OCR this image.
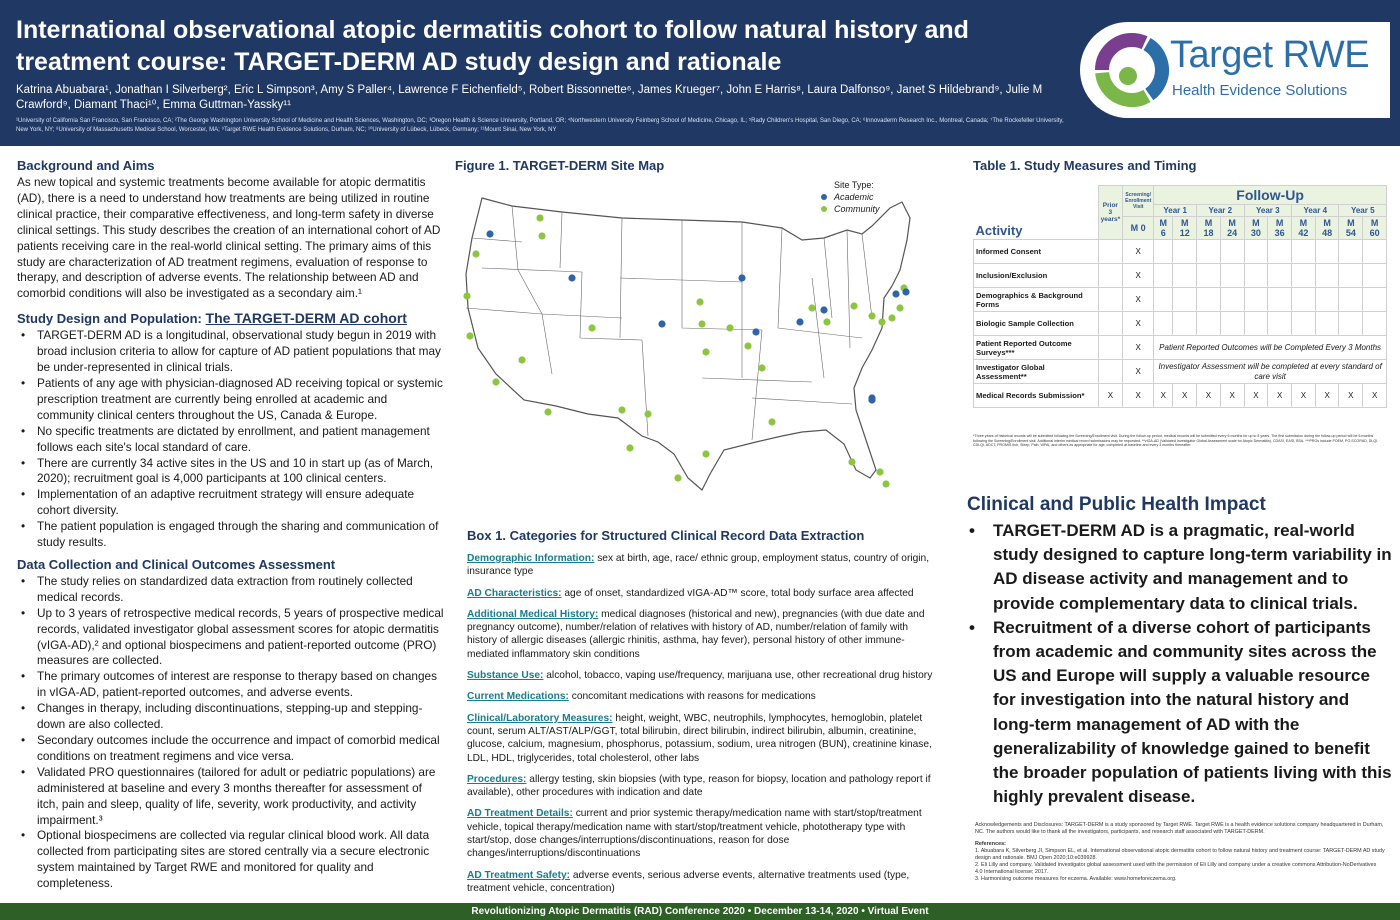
International observational atopic dermatitis cohort to follow natural history and treatment course: TARGET-DERM AD study design and rationale
Katrina Abuabara¹, Jonathan I Silverberg², Eric L Simpson³, Amy S Paller⁴, Lawrence F Eichenfield⁵, Robert Bissonnette⁶, James Krueger⁷, John E Harris⁸, Laura Dalfonso⁹, Janet S Hildebrand⁹, Julie M Crawford⁹, Diamant Thaci¹⁰, Emma Guttman-Yassky¹¹
¹University of California San Francisco, San Francisco, CA; ²The George Washington University School of Medicine and Health Sciences, Washington, DC; ³Oregon Health & Science University, Portland, OR; ⁴Northwestern University Feinberg School of Medicine, Chicago, IL; ⁵Rady Children's Hospital, San Diego, CA; ⁶Innovaderm Research Inc., Montreal, Canada; ⁷The Rockefeller University, New York, NY; ⁸University of Massachusetts Medical School, Worcester, MA; ⁹Target RWE Health Evidence Solutions, Durham, NC; ¹⁰University of Lübeck, Lübeck, Germany; ¹¹Mount Sinai, New York, NY
Target RWE
Health Evidence Solutions
Background and Aims

As new topical and systemic treatments become available for atopic dermatitis (AD), there is a need to understand how treatments are being utilized in routine clinical practice, their comparative effectiveness, and long-term safety in diverse clinical settings. This study describes the creation of an international cohort of AD patients receiving care in the real-world clinical setting. The primary aims of this study are characterization of AD treatment regimens, evaluation of response to therapy, and description of adverse events. The relationship between AD and comorbid conditions will also be investigated as a secondary aim.¹

Study Design and Population: The TARGET-DERM AD cohort
• TARGET-DERM AD is a longitudinal, observational study begun in 2019 with broad inclusion criteria to allow for capture of AD patient populations that may be under-represented in clinical trials.
• Patients of any age with physician-diagnosed AD receiving topical or systemic prescription treatment are currently being enrolled at academic and community clinical centers throughout the US, Canada & Europe.
• No specific treatments are dictated by enrollment, and patient management follows each site's local standard of care.
• There are currently 34 active sites in the US and 10 in start up (as of March, 2020); recruitment goal is 4,000 participants at 100 clinical centers.
• Implementation of an adaptive recruitment strategy will ensure adequate cohort diversity.
• The patient population is engaged through the sharing and communication of study results.
Data Collection and Clinical Outcomes Assessment
• The study relies on standardized data extraction from routinely collected medical records.
• Up to 3 years of retrospective medical records, 5 years of prospective medical records, validated investigator global assessment scores for atopic dermatitis (vIGA-AD),² and optional biospecimens and patient-reported outcome (PRO) measures are collected.
• The primary outcomes of interest are response to therapy based on changes in vIGA-AD, patient-reported outcomes, and adverse events.
• Changes in therapy, including discontinuations, stepping-up and stepping-down are also collected.
• Secondary outcomes include the occurrence and impact of comorbid medical conditions on treatment regimens and vice versa.
• Validated PRO questionnaires (tailored for adult or pediatric populations) are administered at baseline and every 3 months thereafter for assessment of itch, pain and sleep, quality of life, severity, work productivity, and activity impairment.³
• Optional biospecimens are collected via regular clinical blood work. All data collected from participating sites are stored centrally via a secure electronic system maintained by Target RWE and monitored for quality and completeness.
Figure 1. TARGET-DERM Site Map
Site Type:
Academic
Community
Box 1. Categories for Structured Clinical Record Data Extraction
Demographic Information: sex at birth, age, race/ ethnic group, employment status, country of origin, insurance type
AD Characteristics: age of onset, standardized vIGA-AD™ score, total body surface area affected
Additional Medical History: medical diagnoses (historical and new), pregnancies (with due date and pregnancy outcome), number/relation of relatives with history of AD, number/relation of family with history of allergic diseases (allergic rhinitis, asthma, hay fever), personal history of other immune-mediated inflammatory skin conditions
Substance Use: alcohol, tobacco, vaping use/frequency, marijuana use, other recreational drug history
Current Medications: concomitant medications with reasons for medications
Clinical/Laboratory Measures: height, weight, WBC, neutrophils, lymphocytes, hemoglobin, platelet count, serum ALT/AST/ALP/GGT, total bilirubin, direct bilirubin, indirect bilirubin, albumin, creatinine, glucose, calcium, magnesium, phosphorus, potassium, sodium, urea nitrogen (BUN), creatinine kinase, LDL, HDL, triglycerides, total cholesterol, other labs
Procedures: allergy testing, skin biopsies (with type, reason for biopsy, location and pathology report if available), other procedures with indication and date
AD Treatment Details: current and prior systemic therapy/medication name with start/stop/treatment vehicle, topical therapy/medication name with start/stop/treatment vehicle, phototherapy type with start/stop, dose changes/interruptions/discontinuations, reason for dose changes/interruptions/discontinuations
AD Treatment Safety: adverse events, serious adverse events, alternative treatments used (type, treatment vehicle, concentration)
Table 1. Study Measures and Timing
Activity	Prior 3 years*	Screening/ Enrollment Visit	Follow-Up									
			Year 1		Year 2		Year 3		Year 4		Year 5	
		M 0	M 6	M 12	M 18	M 24	M 30	M 36	M 42	M 48	M 54	M 60
Informed Consent		X										
Inclusion/Exclusion		X										
Demographics & Background Forms		X										
Biologic Sample Collection		X										
Patient Reported Outcome Surveys***		X	Patient Reported Outcomes will be Completed Every 3 Months									
Investigator Global Assessment**		X	Investigator Assessment will be completed at every standard of care visit									
Medical Records Submission*	X	X	X	X	X	X	X	X	X	X	X	X
*Three years of historical records will be submitted following the Screening/Enrollment visit. During the follow-up period, medical records will be submitted every 6 months for up to 5 years. The first submission during the follow-up period will be 6 months following the Screening/Enrollment visit. Additional interim medical record submissions may be requested. **vIGA-AD (Validated Investigator Global Assessment scale for Atopic Dermatitis), CDASI, EASI, BSA. ***PROs include POEM, PO-SCORAD, DLQI, CDLQI, ADCT, PROMIS Itch, Sleep, Pain, WPAI, and others as appropriate for age; completed at baseline and every 3 months thereafter.
Clinical and Public Health Impact
• TARGET-DERM AD is a pragmatic, real-world study designed to capture long-term variability in AD disease activity and management and to provide complementary data to clinical trials.
• Recruitment of a diverse cohort of participants from academic and community sites across the US and Europe will supply a valuable resource for investigation into the natural history and long-term management of AD with the generalizability of knowledge gained to benefit the broader population of patients living with this highly prevalent disease.
Acknowledgements and Disclosures: TARGET-DERM is a study sponsored by Target RWE. Target RWE is a health evidence solutions company headquartered in Durham, NC. The authors would like to thank all the investigators, participants, and research staff associated with TARGET-DERM.
References:
1. Abuabara K, Silverberg JI, Simpson EL, et al. International observational atopic dermatitis cohort to follow natural history and treatment course: TARGET-DERM AD study design and rationale. BMJ Open 2020;10:e039928.
2. Eli Lilly and company. Validated investigator global assessment used with the permission of Eli Lilly and company under a creative commons Attribution-NoDerivatives 4.0 International license; 2017.
3. Harmonising outcome measures for eczema. Available: www.homeforeczema.org.
Revolutionizing Atopic Dermatitis (RAD) Conference 2020 • December 13-14, 2020 • Virtual Event
